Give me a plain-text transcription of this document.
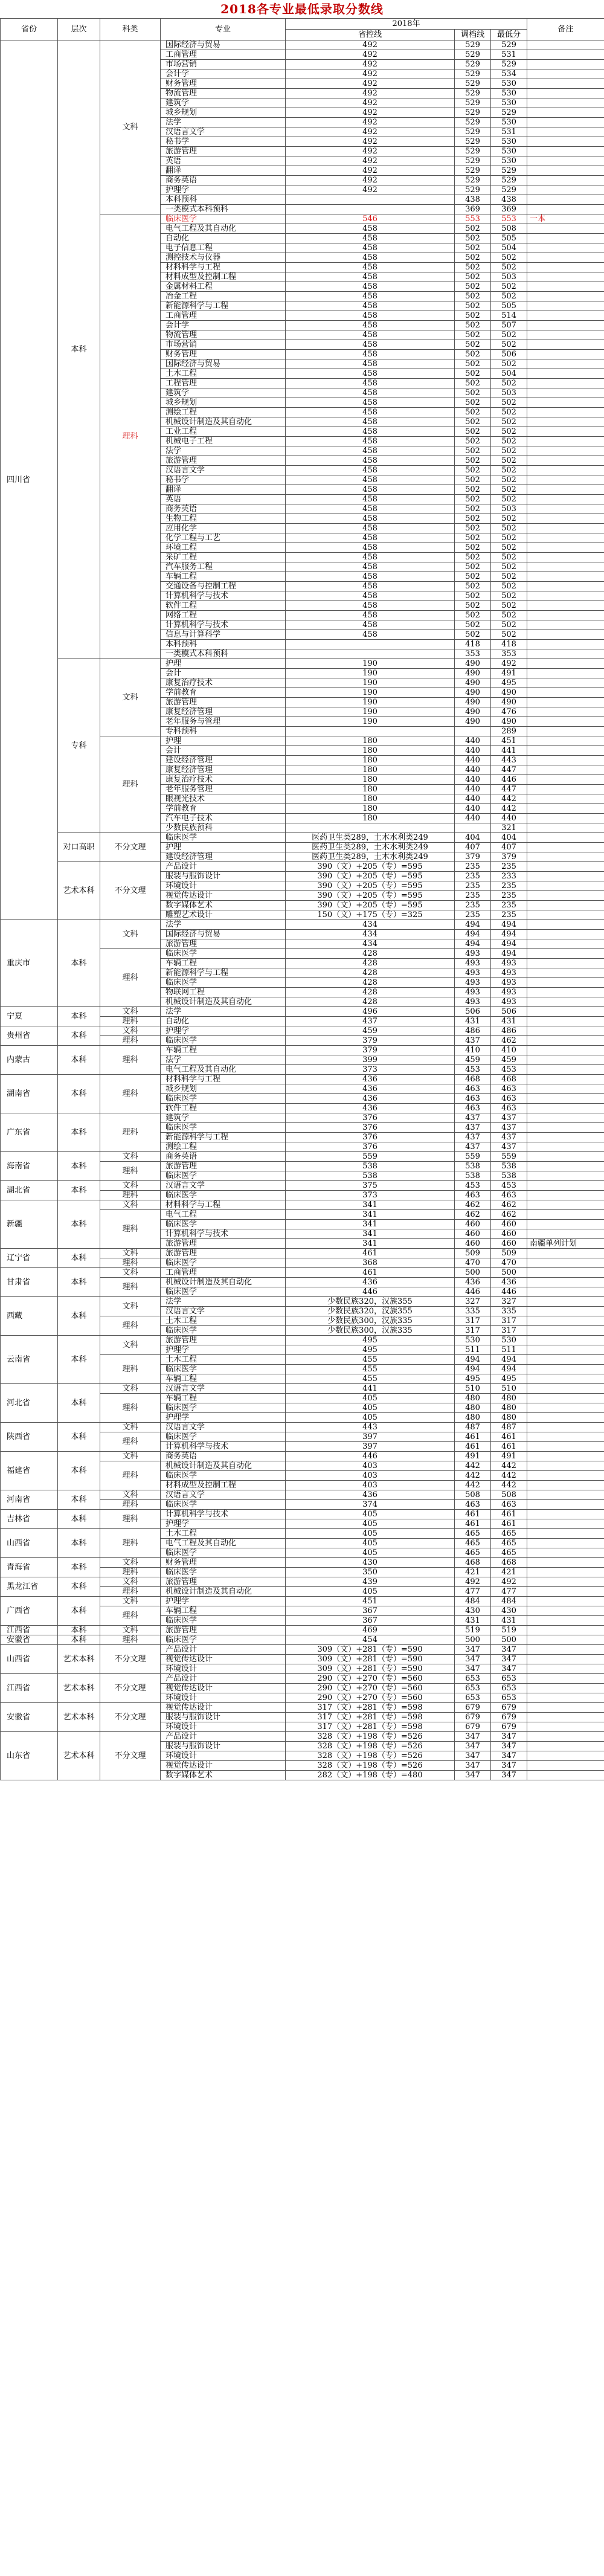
2018各专业最低录取分数线
省份	层次	科类	专业	2018年			备注
				省控线	调档线	最低分	
四川省	本科	文科	国际经济与贸易	492	529	529	
			工商管理	492	529	531	
			市场营销	492	529	529	
			会计学	492	529	534	
			财务管理	492	529	530	
			物流管理	492	529	530	
			建筑学	492	529	530	
			城乡规划	492	529	529	
			法学	492	529	530	
			汉语言文学	492	529	531	
			秘书学	492	529	530	
			旅游管理	492	529	530	
			英语	492	529	530	
			翻译	492	529	529	
			商务英语	492	529	529	
			护理学	492	529	529	
			本科预科		438	438	
			一类模式本科预科		369	369	
		理科	临床医学	546	553	553	一本
			电气工程及其自动化	458	502	508	
			自动化	458	502	505	
			电子信息工程	458	502	504	
			测控技术与仪器	458	502	502	
			材料科学与工程	458	502	502	
			材料成型及控制工程	458	502	503	
			金属材料工程	458	502	502	
			冶金工程	458	502	502	
			新能源科学与工程	458	502	505	
			工商管理	458	502	514	
			会计学	458	502	507	
			物流管理	458	502	502	
			市场营销	458	502	502	
			财务管理	458	502	506	
			国际经济与贸易	458	502	502	
			土木工程	458	502	504	
			工程管理	458	502	502	
			建筑学	458	502	503	
			城乡规划	458	502	502	
			测绘工程	458	502	502	
			机械设计制造及其自动化	458	502	502	
			工业工程	458	502	502	
			机械电子工程	458	502	502	
			法学	458	502	502	
			旅游管理	458	502	502	
			汉语言文学	458	502	502	
			秘书学	458	502	502	
			翻译	458	502	502	
			英语	458	502	502	
			商务英语	458	502	503	
			生物工程	458	502	502	
			应用化学	458	502	502	
			化学工程与工艺	458	502	502	
			环境工程	458	502	502	
			采矿工程	458	502	502	
			汽车服务工程	458	502	502	
			车辆工程	458	502	502	
			交通设备与控制工程	458	502	502	
			计算机科学与技术	458	502	502	
			软件工程	458	502	502	
			网络工程	458	502	502	
			计算机科学与技术	458	502	502	
			信息与计算科学	458	502	502	
			本科预科		418	418	
			一类模式本科预科		353	353	
	专科	文科	护理	190	490	492	
			会计	190	490	491	
			康复治疗技术	190	490	495	
			学前教育	190	490	490	
			旅游管理	190	490	490	
			康复经济管理	190	490	476	
			老年服务与管理	190	490	490	
			专科预科			289	
		理科	护理	180	440	451	
			会计	180	440	441	
			建设经济管理	180	440	443	
			康复经济管理	180	440	447	
			康复治疗技术	180	440	446	
			老年服务管理	180	440	447	
			眼视光技术	180	440	442	
			学前教育	180	440	442	
			汽车电子技术	180	440	440	
			少数民族预科			321	
	对口高职	不分文理	临床医学	医药卫生类289，土木水利类249	404	404	
			护理	医药卫生类289，土木水利类249	407	407	
			建设经济管理	医药卫生类289，土木水利类249	379	379	
	艺术本科	不分文理	产品设计	390（文）+205（专）=595	235	235	
			服装与服饰设计	390（文）+205（专）=595	235	233	
			环境设计	390（文）+205（专）=595	235	235	
			视觉传达设计	390（文）+205（专）=595	235	235	
			数字媒体艺术	390（文）+205（专）=595	235	235	
			雕塑艺术设计	150（文）+175（专）=325	235	235	
重庆市	本科	文科	法学	434	494	494	
			国际经济与贸易	434	494	494	
			旅游管理	434	494	494	
		理科	临床医学	428	493	494	
			车辆工程	428	493	493	
			新能源科学与工程	428	493	493	
			临床医学	428	493	493	
			物联网工程	428	493	493	
			机械设计制造及其自动化	428	493	493	
宁夏	本科	文科	法学	496	506	506	
		理科	自动化	437	431	431	
贵州省	本科	文科	护理学	459	486	486	
		理科	临床医学	379	437	462	
内蒙古	本科	理科	车辆工程	379	410	410	
			法学	399	459	459	
			电气工程及其自动化	373	453	453	
湖南省	本科	理科	材料科学与工程	436	468	468	
			城乡规划	436	463	463	
			临床医学	436	463	463	
			软件工程	436	463	463	
广东省	本科	理科	建筑学	376	437	437	
			临床医学	376	437	437	
			新能源科学与工程	376	437	437	
			测绘工程	376	437	437	
海南省	本科	文科	商务英语	559	559	559	
		理科	旅游管理	538	538	538	
			临床医学	538	538	538	
湖北省	本科	文科	汉语言文学	375	453	453	
		理科	临床医学	373	463	463	
新疆	本科	文科	材料科学与工程	341	462	462	
		理科	电气工程	341	462	462	
			临床医学	341	460	460	
			计算机科学与技术	341	460	460	
			旅游管理	341	460	460	南疆单列计划
辽宁省	本科	文科	旅游管理	461	509	509	
		理科	临床医学	368	470	470	
甘肃省	本科	文科	工商管理	461	500	500	
		理科	机械设计制造及其自动化	436	436	436	
			临床医学	446	446	446	
西藏	本科	文科	法学	少数民族320，汉族355	327	327	
			汉语言文学	少数民族320，汉族355	335	335	
		理科	土木工程	少数民族300，汉族335	317	317	
			临床医学	少数民族300，汉族335	317	317	
云南省	本科	文科	旅游管理	495	530	530	
			护理学	495	511	511	
		理科	土木工程	455	494	494	
			临床医学	455	494	494	
			车辆工程	455	495	495	
河北省	本科	文科	汉语言文学	441	510	510	
		理科	车辆工程	405	480	480	
			临床医学	405	480	480	
			护理学	405	480	480	
陕西省	本科	文科	汉语言文学	443	487	487	
		理科	临床医学	397	461	461	
			计算机科学与技术	397	461	461	
福建省	本科	文科	商务英语	446	491	491	
		理科	机械设计制造及其自动化	403	442	442	
			临床医学	403	442	442	
			材料成型及控制工程	403	442	442	
河南省	本科	文科	汉语言文学	436	508	508	
		理科	临床医学	374	463	463	
吉林省	本科	理科	计算机科学与技术	405	461	461	
			护理学	405	461	461	
山西省	本科	理科	土木工程	405	465	465	
			电气工程及其自动化	405	465	465	
			临床医学	405	465	465	
青海省	本科	文科	财务管理	430	468	468	
		理科	临床医学	350	421	421	
黑龙江省	本科	文科	旅游管理	439	492	492	
		理科	机械设计制造及其自动化	405	477	477	
广西省	本科	文科	护理学	451	484	484	
		理科	车辆工程	367	430	430	
			临床医学	367	431	431	
江西省	本科	文科	旅游管理	469	519	519	
安徽省	本科	理科	临床医学	454	500	500	
山西省	艺术本科	不分文理	产品设计	309（文）+281（专）=590	347	347	
			视觉传达设计	309（文）+281（专）=590	347	347	
			环境设计	309（文）+281（专）=590	347	347	
江西省	艺术本科	不分文理	产品设计	290（文）+270（专）=560	653	653	
			视觉传达设计	290（文）+270（专）=560	653	653	
			环境设计	290（文）+270（专）=560	653	653	
安徽省	艺术本科	不分文理	视觉传达设计	317（文）+281（专）=598	679	679	
			服装与服饰设计	317（文）+281（专）=598	679	679	
			环境设计	317（文）+281（专）=598	679	679	
山东省	艺术本科	不分文理	产品设计	328（文）+198（专）=526	347	347	
			服装与服饰设计	328（文）+198（专）=526	347	347	
			环境设计	328（文）+198（专）=526	347	347	
			视觉传达设计	328（文）+198（专）=526	347	347	
			数字媒体艺术	282（文）+198（专）=480	347	347	
